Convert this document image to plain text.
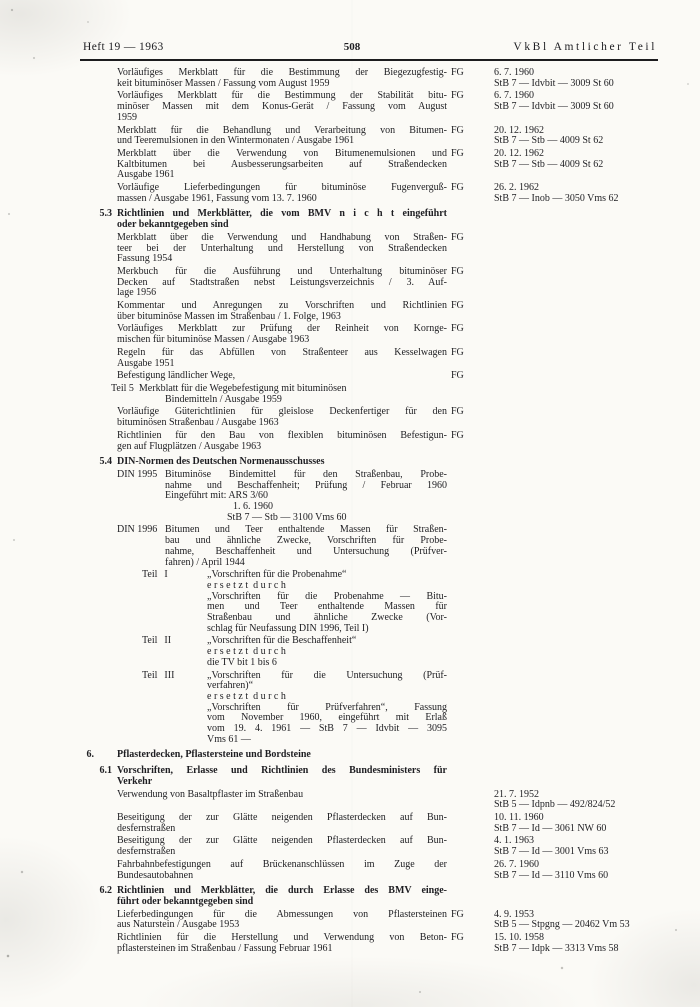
Heft 19 — 1963	508	VkBl Amtlicher Teil
Vorläufiges Merkblatt für die Bestimmung der Biegezugfestig-
keit bituminöser Massen / Fassung vom August 1959
FG	6. 7. 1960
StB 7 — Idvbit — 3009 St 60
Vorläufiges Merkblatt für die Bestimmung der Stabilität bitu-
minöser Massen mit dem Konus-Gerät / Fassung vom August
1959
FG	6. 7. 1960
StB 7 — Idvbit — 3009 St 60
Merkblatt für die Behandlung und Verarbeitung von Bitumen-
und Teeremulsionen in den Wintermonaten / Ausgabe 1961
FG	20. 12. 1962
StB 7 — Stb — 4009 St 62
Merkblatt über die Verwendung von Bitumenemulsionen und
Kaltbitumen bei Ausbesserungsarbeiten auf Straßendecken
Ausgabe 1961
FG	20. 12. 1962
StB 7 — Stb — 4009 St 62
Vorläufige Lieferbedingungen für bituminöse Fugenverguß-
massen / Ausgabe 1961, Fassung vom 13. 7. 1960
FG	26. 2. 1962
StB 7 — Inob — 3050 Vms 62
5.3 Richtlinien und Merkblätter, die vom BMV n i c h t eingeführt
oder bekanntgegeben sind
Merkblatt über die Verwendung und Handhabung von Straßen-
teer bei der Unterhaltung und Herstellung von Straßendecken
Fassung 1954
FG
Merkbuch für die Ausführung und Unterhaltung bituminöser
Decken auf Stadtstraßen nebst Leistungsverzeichnis / 3. Auf-
lage 1956
FG
Kommentar und Anregungen zu Vorschriften und Richtlinien
über bituminöse Massen im Straßenbau / 1. Folge, 1963
FG
Vorläufiges Merkblatt zur Prüfung der Reinheit von Kornge-
mischen für bituminöse Massen / Ausgabe 1963
FG
Regeln für das Abfüllen von Straßenteer aus Kesselwagen
Ausgabe 1951
FG
Befestigung ländlicher Wege,	FG
Teil 5  Merkblatt für die Wegebefestigung mit bituminösen
Bindemitteln / Ausgabe 1959
Vorläufige Güterichtlinien für gleislose Deckenfertiger für den
bituminösen Straßenbau / Ausgabe 1963
FG
Richtlinien für den Bau von flexiblen bituminösen Befestigun-
gen auf Flugplätzen / Ausgabe 1963
FG
5.4 DIN-Normen des Deutschen Normenausschusses
DIN 1995 Bituminöse Bindemittel für den Straßenbau, Probe-
nahme und Beschaffenheit; Prüfung / Februar 1960
Eingeführt mit: ARS 3/60
1. 6. 1960
StB 7 — Stb — 3100 Vms 60
DIN 1996 Bitumen und Teer enthaltende Massen für Straßen-
bau und ähnliche Zwecke, Vorschriften für Probe-
nahme, Beschaffenheit und Untersuchung (Prüfver-
fahren) / April 1944
Teil I	„Vorschriften für die Probenahme“
e r s e t z t  d u r c h
„Vorschriften für die Probenahme — Bitu-
men und Teer enthaltende Massen für
Straßenbau und ähnliche Zwecke (Vor-
schlag für Neufassung DIN 1996, Teil I)
Teil II	„Vorschriften für die Beschaffenheit“
e r s e t z t  d u r c h
die TV bit 1 bis 6
Teil III	„Vorschriften für die Untersuchung (Prüf-
verfahren)“
e r s e t z t  d u r c h
„Vorschriften für Prüfverfahren“, Fassung
vom November 1960, eingeführt mit Erlaß
vom 19. 4. 1961 — StB 7 — Idvbit — 3095
Vms 61 —
6.	Pflasterdecken, Pflastersteine und Bordsteine
6.1 Vorschriften, Erlasse und Richtlinien des Bundesministers für
Verkehr
Verwendung von Basaltpflaster im Straßenbau	21. 7. 1952
StB 5 — Idpnb — 492/824/52
Beseitigung der zur Glätte neigenden Pflasterdecken auf Bun-
desfernstraßen
10. 11. 1960
StB 7 — Id — 3061 NW 60
Beseitigung der zur Glätte neigenden Pflasterdecken auf Bun-
desfernstraßen
4. 1. 1963
StB 7 — Id — 3001 Vms 63
Fahrbahnbefestigungen auf Brückenanschlüssen im Zuge der
Bundesautobahnen
26. 7. 1960
StB 7 — Id — 3110 Vms 60
6.2 Richtlinien und Merkblätter, die durch Erlasse des BMV einge-
führt oder bekanntgegeben sind
Lieferbedingungen für die Abmessungen von Pflastersteinen
aus Naturstein / Ausgabe 1953
FG	4. 9. 1953
StB 5 — Stpgng — 20462 Vm 53
Richtlinien für die Herstellung und Verwendung von Beton-
pflastersteinen im Straßenbau / Fassung Februar 1961
FG	15. 10. 1958
StB 7 — Idpk — 3313 Vms 58
